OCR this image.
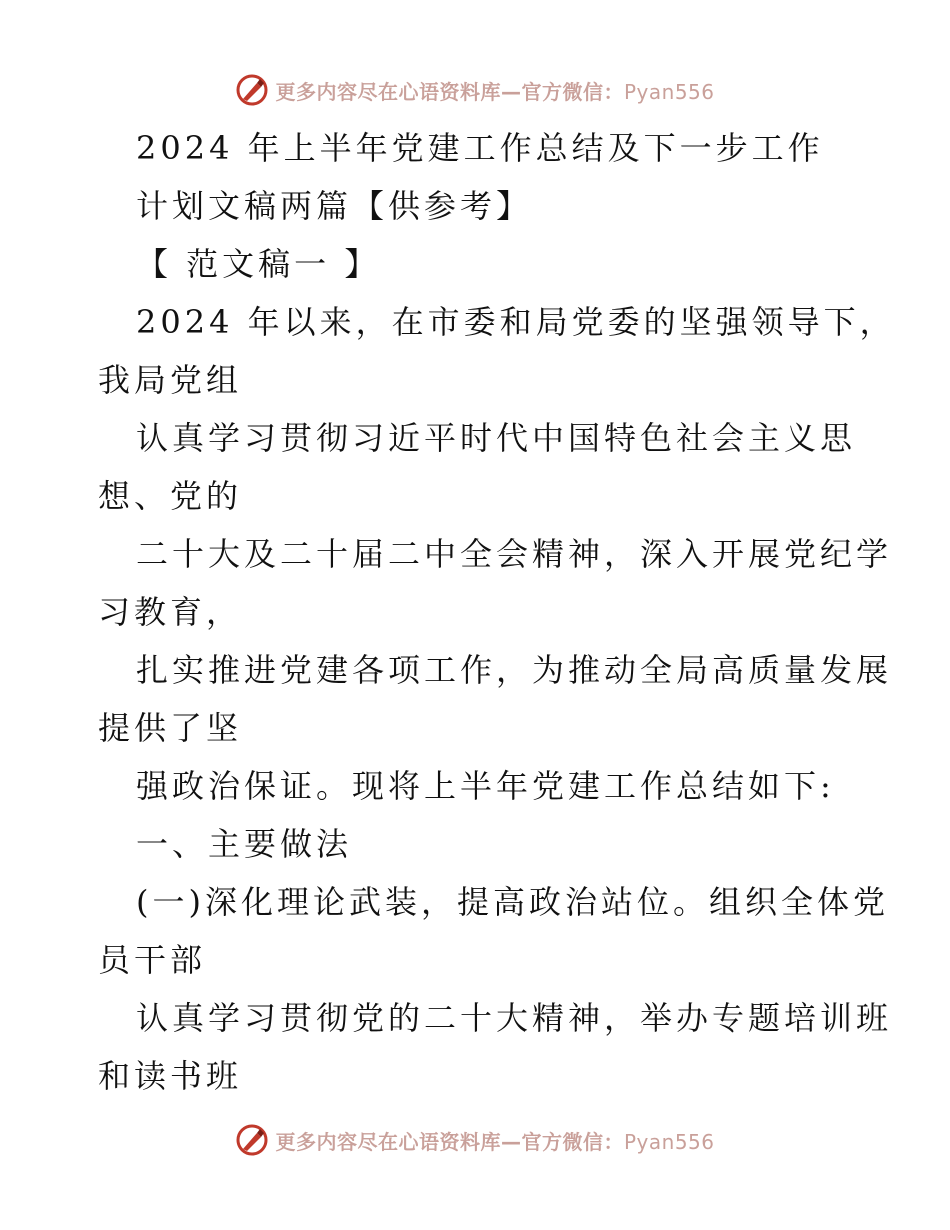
更多内容尽在心语资料库—官方微信：Pyan556
2024 年上半年党建工作总结及下一步工作
计划文稿两篇【供参考】
【 范文稿一 】
2024 年以来，在市委和局党委的坚强领导下，
我局党组
认真学习贯彻习近平时代中国特色社会主义思
想、党的
二十大及二十届二中全会精神，深入开展党纪学
习教育，
扎实推进党建各项工作，为推动全局高质量发展
提供了坚
强政治保证。现将上半年党建工作总结如下:
一、主要做法
(一)深化理论武装，提高政治站位。组织全体党
员干部
认真学习贯彻党的二十大精神，举办专题培训班
和读书班
更多内容尽在心语资料库—官方微信：Pyan556
